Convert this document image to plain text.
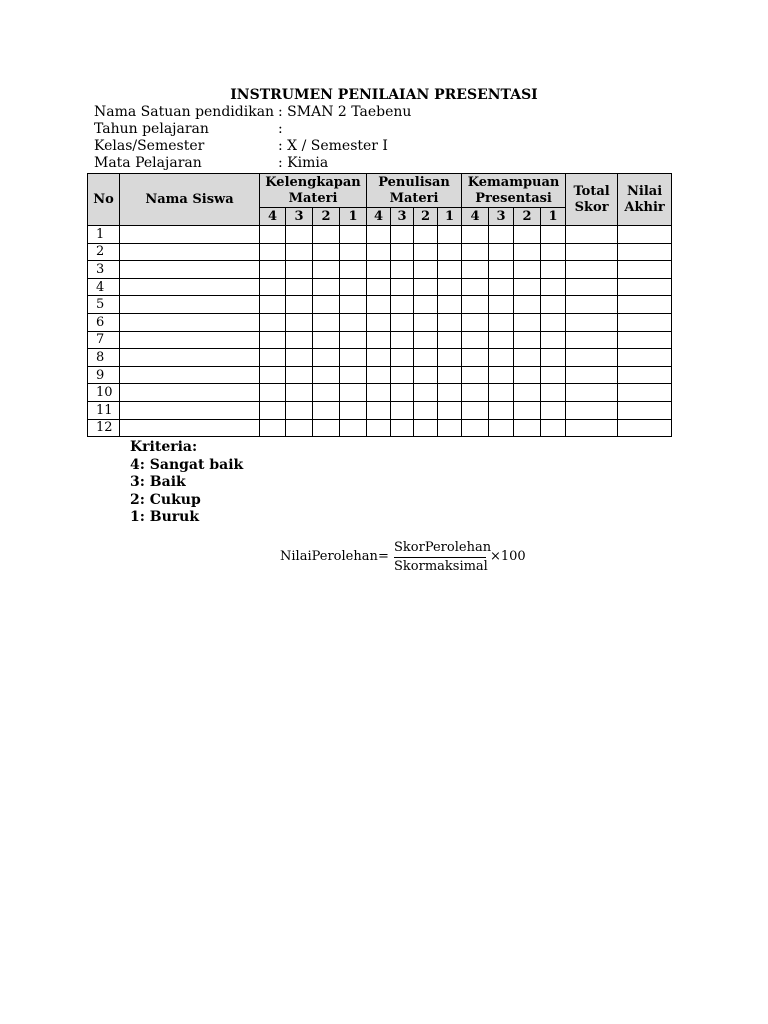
INSTRUMEN PENILAIAN PRESENTASI
Nama Satuan pendidikan : SMAN 2 Taebenu
Tahun pelajaran	:
Kelas/Semester	: X / Semester I
Mata Pelajaran	: Kimia
No	Nama Siswa	Kelengkapan Materi				Penulisan Materi				Kemampuan Presentasi				Total Skor	Nilai Akhir
		4	3	2	1	4	3	2	1	4	3	2	1		
1															
2															
3															
4															
5															
6															
7															
8															
9															
10															
11															
12															
Kriteria:
4: Sangat baik
3: Baik
2: Cukup
1: Buruk
NilaiPerolehan =
SkorPerolehan
Skormaksimal
×100
